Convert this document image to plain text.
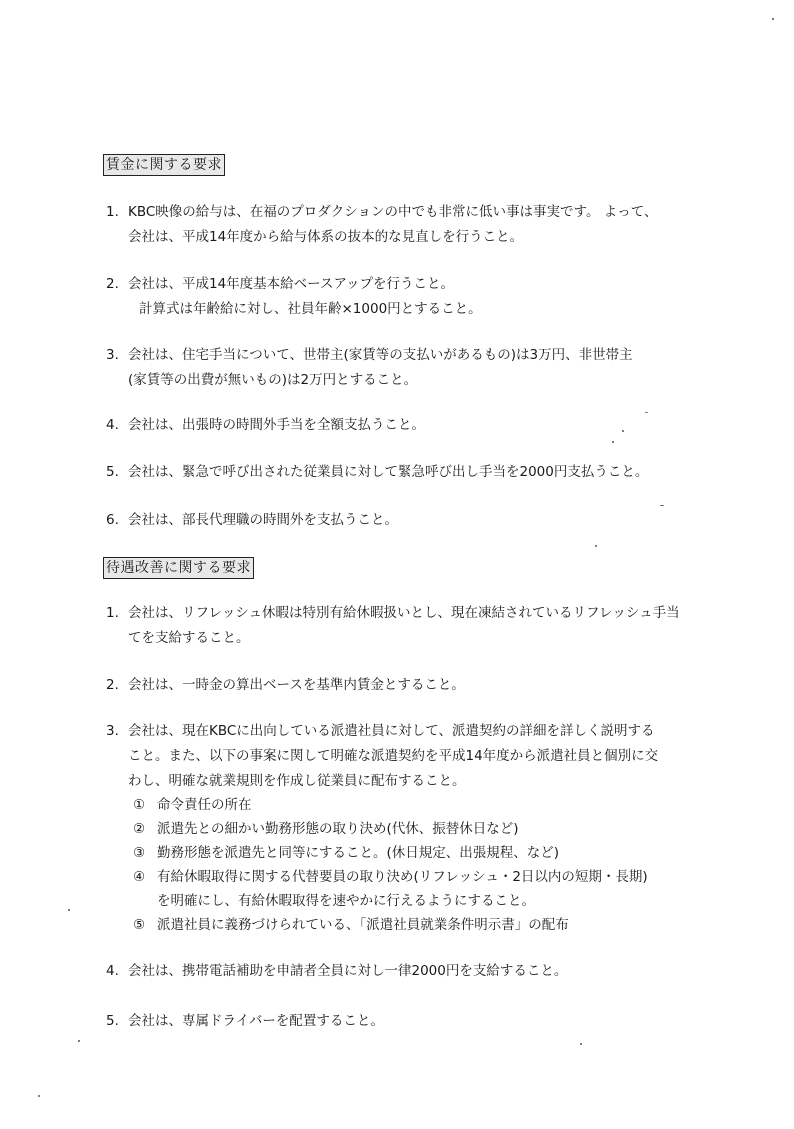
賃金に関する要求
1. KBC映像の給与は、在福のプロダクションの中でも非常に低い事は事実です。 よって、
会社は、平成14年度から給与体系の抜本的な見直しを行うこと。
2. 会社は、平成14年度基本給ベースアップを行うこと。
計算式は年齢給に対し、社員年齢×1000円とすること。
3. 会社は、住宅手当について、世帯主(家賃等の支払いがあるもの)は3万円、非世帯主
(家賃等の出費が無いもの)は2万円とすること。
4. 会社は、出張時の時間外手当を全額支払うこと。
5. 会社は、緊急で呼び出された従業員に対して緊急呼び出し手当を2000円支払うこと。
6. 会社は、部長代理職の時間外を支払うこと。
待遇改善に関する要求
1. 会社は、リフレッシュ休暇は特別有給休暇扱いとし、現在凍結されているリフレッシュ手当
てを支給すること。
2. 会社は、一時金の算出ベースを基準内賃金とすること。
3. 会社は、現在KBCに出向している派遣社員に対して、派遣契約の詳細を詳しく説明する
こと。また、以下の事案に関して明確な派遣契約を平成14年度から派遣社員と個別に交
わし、明確な就業規則を作成し従業員に配布すること。
① 命令責任の所在
② 派遣先との細かい勤務形態の取り決め(代休、振替休日など)
③ 勤務形態を派遣先と同等にすること。(休日規定、出張規程、など)
④ 有給休暇取得に関する代替要員の取り決め(リフレッシュ・2日以内の短期・長期)
を明確にし、有給休暇取得を速やかに行えるようにすること。
⑤ 派遣社員に義務づけられている、「派遣社員就業条件明示書」の配布
4. 会社は、携帯電話補助を申請者全員に対し一律2000円を支給すること。
5. 会社は、専属ドライバーを配置すること。
